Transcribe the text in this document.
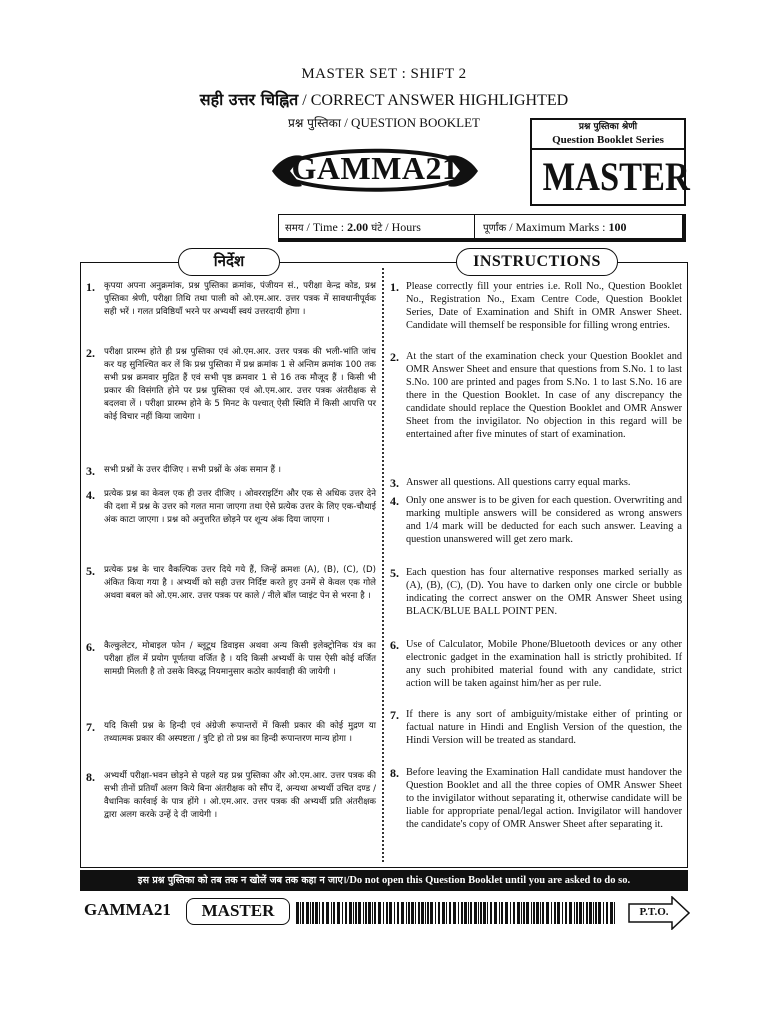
MASTER SET : SHIFT 2
सही उत्तर चिह्नित / CORRECT ANSWER HIGHLIGHTED
प्रश्न पुस्तिका / QUESTION BOOKLET
GAMMA21
प्रश्न पुस्तिका श्रेणी
Question Booklet Series
MASTER
समय / Time : 2.00 घंटे / Hours	पूर्णांक / Maximum Marks : 100
निर्देश	INSTRUCTIONS
1. कृपया अपना अनुक्रमांक, प्रश्न पुस्तिका क्रमांक, पंजीयन सं., परीक्षा केन्द्र कोड, प्रश्न पुस्तिका श्रेणी, परीक्षा तिथि तथा पाली को ओ.एम.आर. उत्तर पत्रक में सावधानीपूर्वक सही भरें । गलत प्रविष्ठियाँ भरने पर अभ्यर्थी स्वयं उत्तरदायी होगा ।
2. परीक्षा प्रारम्भ होते ही प्रश्न पुस्तिका एवं ओ.एम.आर. उत्तर पत्रक की भली-भांति जांच कर यह सुनिश्चित कर लें कि प्रश्न पुस्तिका में प्रश्न क्रमांक 1 से अन्तिम क्रमांक 100 तक सभी प्रश्न क्रमवार मुद्रित हैं एवं सभी पृष्ठ क्रमवार 1 से 16 तक मौजूद हैं । किसी भी प्रकार की विसंगति होने पर प्रश्न पुस्तिका एवं ओ.एम.आर. उत्तर पत्रक अंतरीक्षक से बदलवा लें । परीक्षा प्रारम्भ होने के 5 मिनट के पश्चात् ऐसी स्थिति में किसी आपत्ति पर कोई विचार नहीं किया जायेगा ।
3. सभी प्रश्नों के उत्तर दीजिए । सभी प्रश्नों के अंक समान हैं ।
4. प्रत्येक प्रश्न का केवल एक ही उत्तर दीजिए । ओवरराइटिंग और एक से अधिक उत्तर देने की दशा में प्रश्न के उत्तर को गलत माना जाएगा तथा ऐसे प्रत्येक उत्तर के लिए एक-चौथाई अंक काटा जाएगा । प्रश्न को अनुत्तरित छोड़ने पर शून्य अंक दिया जाएगा ।
5. प्रत्येक प्रश्न के चार वैकल्पिक उत्तर दिये गये हैं, जिन्हें क्रमशः (A), (B), (C), (D) अंकित किया गया है । अभ्यर्थी को सही उत्तर निर्दिष्ट करते हुए उनमें से केवल एक गोले अथवा बबल को ओ.एम.आर. उत्तर पत्रक पर काले / नीले बॉल प्वाइंट पेन से भरना है ।
6. कैल्कुलेटर, मोबाइल फोन / ब्लूटूथ डिवाइस अथवा अन्य किसी इलेक्ट्रोनिक यंत्र का परीक्षा हॉल में प्रयोग पूर्णतया वर्जित है । यदि किसी अभ्यर्थी के पास ऐसी कोई वर्जित सामग्री मिलती है तो उसके विरुद्ध नियमानुसार कठोर कार्यवाही की जायेगी ।
7. यदि किसी प्रश्न के हिन्दी एवं अंग्रेजी रूपान्तरों में किसी प्रकार की कोई मुद्रण या तथ्यात्मक प्रकार की अस्पष्टता / त्रुटि हो तो प्रश्न का हिन्दी रूपान्तरण मान्य होगा ।
8. अभ्यर्थी परीक्षा-भवन छोड़ने से पहले यह प्रश्न पुस्तिका और ओ.एम.आर. उत्तर पत्रक की सभी तीनों प्रतियाँ अलग किये बिना अंतरीक्षक को सौंप दें, अन्यथा अभ्यर्थी उचित दण्ड / वैधानिक कार्रवाई के पात्र होंगे । ओ.एम.आर. उत्तर पत्रक की अभ्यर्थी प्रति अंतरीक्षक द्वारा अलग करके उन्हें दे दी जायेगी ।
1. Please correctly fill your entries i.e. Roll No., Question Booklet No., Registration No., Exam Centre Code, Question Booklet Series, Date of Examination and Shift in OMR Answer Sheet. Candidate will themself be responsible for filling wrong entries.
2. At the start of the examination check your Question Booklet and OMR Answer Sheet and ensure that questions from S.No. 1 to last S.No. 100 are printed and pages from S.No. 1 to last S.No. 16 are there in the Question Booklet. In case of any discrepancy the candidate should replace the Question Booklet and OMR Answer Sheet from the invigilator. No objection in this regard will be entertained after five minutes of start of examination.
3. Answer all questions. All questions carry equal marks.
4. Only one answer is to be given for each question. Overwriting and marking multiple answers will be considered as wrong answers and 1/4 mark will be deducted for each such answer. Leaving a question unanswered will get zero mark.
5. Each question has four alternative responses marked serially as (A), (B), (C), (D). You have to darken only one circle or bubble indicating the correct answer on the OMR Answer Sheet using BLACK/BLUE BALL POINT PEN.
6. Use of Calculator, Mobile Phone/Bluetooth devices or any other electronic gadget in the examination hall is strictly prohibited. If any such prohibited material found with any candidate, strict action will be taken against him/her as per rule.
7. If there is any sort of ambiguity/mistake either of printing or factual nature in Hindi and English Version of the question, the Hindi Version will be treated as standard.
8. Before leaving the Examination Hall candidate must handover the Question Booklet and all the three copies of OMR Answer Sheet to the invigilator without separating it, otherwise candidate will be liable for appropriate penal/legal action. Invigilator will handover the candidate's copy of OMR Answer Sheet after separating it.
इस प्रश्न पुस्तिका को तब तक न खोलें जब तक कहा न जाए।/Do not open this Question Booklet until you are asked to do so.
GAMMA21	MASTER	P.T.O.
